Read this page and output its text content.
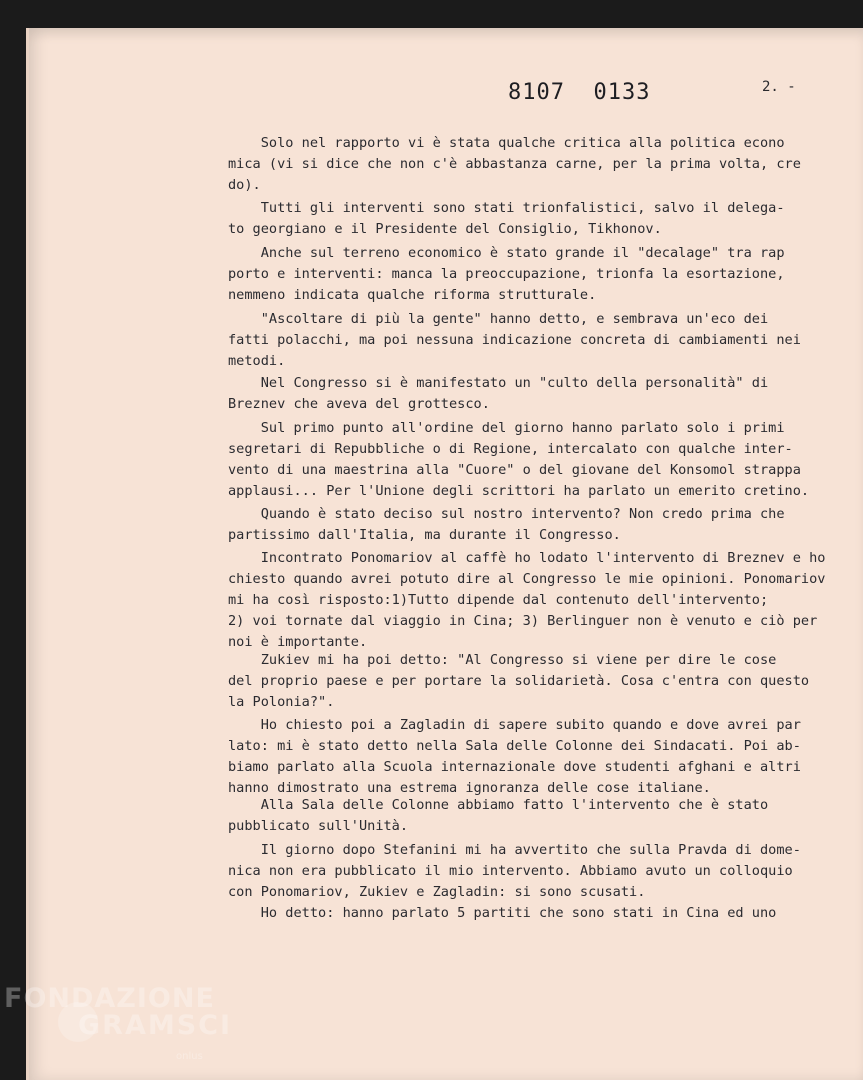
8107  0133	2. -

Solo nel rapporto vi è stata qualche critica alla politica econo
mica (vi si dice che non c'è abbastanza carne, per la prima volta, cre
do).

Tutti gli interventi sono stati trionfalistici, salvo il delega-
to georgiano e il Presidente del Consiglio, Tikhonov.

Anche sul terreno economico è stato grande il "decalage" tra rap
porto e interventi: manca la preoccupazione, trionfa la esortazione,
nemmeno indicata qualche riforma strutturale.

"Ascoltare di più la gente" hanno detto, e sembrava un'eco dei
fatti polacchi, ma poi nessuna indicazione concreta di cambiamenti nei
metodi.

Nel Congresso si è manifestato un "culto della personalità" di
Breznev che aveva del grottesco.

Sul primo punto all'ordine del giorno hanno parlato solo i primi
segretari di Repubbliche o di Regione, intercalato con qualche inter-
vento di una maestrina alla "Cuore" o del giovane del Konsomol strappa
applausi... Per l'Unione degli scrittori ha parlato un emerito cretino.

Quando è stato deciso sul nostro intervento? Non credo prima che
partissimo dall'Italia, ma durante il Congresso.

Incontrato Ponomariov al caffè ho lodato l'intervento di Breznev e ho
chiesto quando avrei potuto dire al Congresso le mie opinioni. Ponomariov
mi ha così risposto:1)Tutto dipende dal contenuto dell'intervento;
2) voi tornate dal viaggio in Cina; 3) Berlinguer non è venuto e ciò per
noi è importante.

Zukiev mi ha poi detto: "Al Congresso si viene per dire le cose
del proprio paese e per portare la solidarietà. Cosa c'entra con questo
la Polonia?".

Ho chiesto poi a Zagladin di sapere subito quando e dove avrei par
lato: mi è stato detto nella Sala delle Colonne dei Sindacati. Poi ab-
biamo parlato alla Scuola internazionale dove studenti afghani e altri
hanno dimostrato una estrema ignoranza delle cose italiane.

Alla Sala delle Colonne abbiamo fatto l'intervento che è stato
pubblicato sull'Unità.

Il giorno dopo Stefanini mi ha avvertito che sulla Pravda di dome-
nica non era pubblicato il mio intervento. Abbiamo avuto un colloquio
con Ponomariov, Zukiev e Zagladin: si sono scusati.

Ho detto: hanno parlato 5 partiti che sono stati in Cina ed uno

FONDAZIONE
GRAMSCI
onlus
